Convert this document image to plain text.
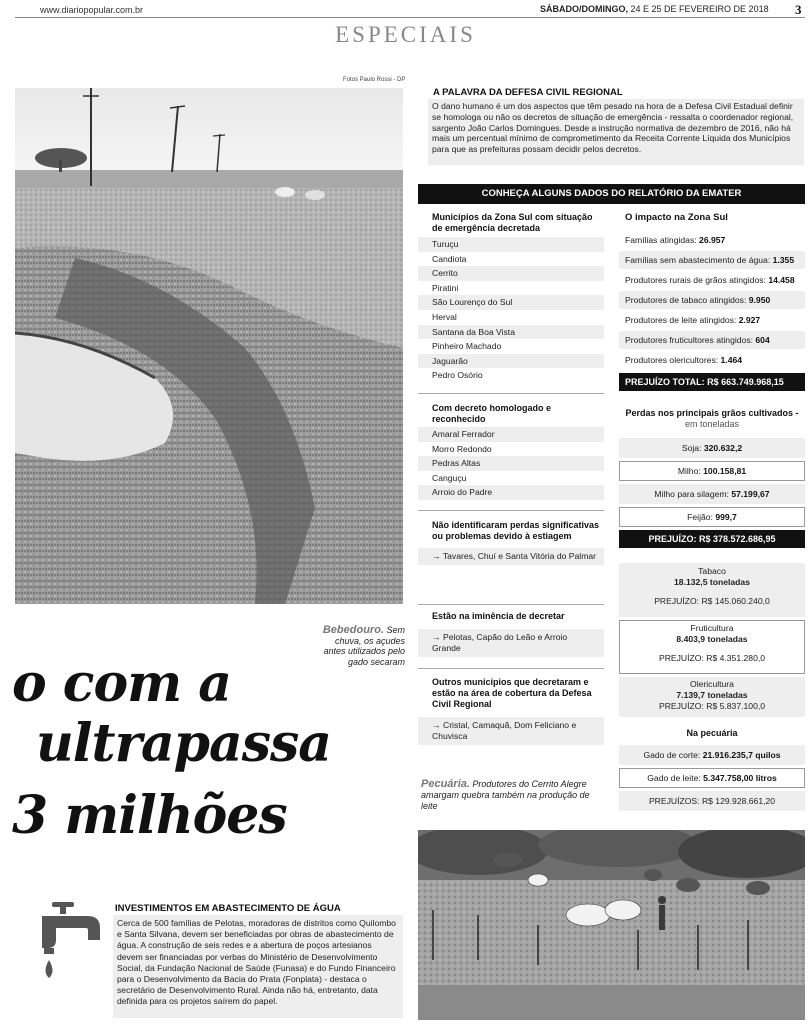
www.diariopopular.com.br	SÁBADO/DOMINGO, 24 E 25 DE FEVEREIRO DE 2018 3
ESPECIAIS
Fotos Paulo Rossi - DP
Bebedouro. Sem chuva, os açudes antes utilizados pelo gado secaram
o com a
ultrapassa
3 milhões
INVESTIMENTOS EM ABASTECIMENTO DE ÁGUA
Cerca de 500 famílias de Pelotas, moradoras de distritos como Quilombo e Santa Silvana, devem ser beneficiadas por obras de abastecimento de água. A construção de seis redes e a abertura de poços artesianos devem ser financiadas por verbas do Ministério de Desenvolvimento Social, da Fundação Nacional de Saúde (Funasa) e do Fundo Financeiro para o Desenvolvimento da Bacia do Prata (Fonplata) - destaca o secretário de Desenvolvimento Rural. Ainda não há, entretanto, data definida para os projetos saírem do papel.
A PALAVRA DA DEFESA CIVIL REGIONAL
O dano humano é um dos aspectos que têm pesado na hora de a Defesa Civil Estadual definir se homologa ou não os decretos de situação de emergência - ressalta o coordenador regional, sargento João Carlos Domingues. Desde a instrução normativa de dezembro de 2016, não há mais um percentual mínimo de comprometimento da Receita Corrente Líquida dos Municípios para que as prefeituras possam decidir pelos decretos.
CONHEÇA ALGUNS DADOS DO RELATÓRIO DA EMATER
Municípios da Zona Sul com situação de emergência decretada
Turuçu
Candiota
Cerrito
Piratini
São Lourenço do Sul
Herval
Santana da Boa Vista
Pinheiro Machado
Jaguarão
Pedro Osório
Com decreto homologado e reconhecido
Amaral Ferrador
Morro Redondo
Pedras Altas
Canguçu
Arroio do Padre
Não identificaram perdas significativas ou problemas devido à estiagem
→ Tavares, Chuí e Santa Vitória do Palmar
Estão na iminência de decretar
→ Pelotas, Capão do Leão e Arroio Grande
Outros municípios que decretaram e estão na área de cobertura da Defesa Civil Regional
→ Cristal, Camaquã, Dom Feliciano e Chuvisca
Pecuária. Produtores do Cerrito Alegre amargam quebra também na produção de leite
O impacto na Zona Sul
Famílias atingidas: 26.957
Famílias sem abastecimento de água: 1.355
Produtores rurais de grãos atingidos: 14.458
Produtores de tabaco atingidos: 9.950
Produtores de leite atingidos: 2.927
Produtores fruticultores atingidos: 604
Produtores olericultores: 1.464
PREJUÍZO TOTAL: R$ 663.749.968,15
Perdas nos principais grãos cultivados -
em toneladas
Soja: 320.632,2
Milho: 100.158,81
Milho para silagem: 57.199,67
Feijão: 999,7
PREJUÍZO: R$ 378.572.686,95
Tabaco
18.132,5 toneladas
PREJUÍZO: R$ 145.060.240,0
Fruticultura
8.403,9 toneladas
PREJUÍZO: R$ 4.351.280,0
Olericultura
7.139,7 toneladas
PREJUÍZO: R$ 5.837.100,0
Na pecuária
Gado de corte: 21.916.235,7 quilos
Gado de leite: 5.347.758,00 litros
PREJUÍZOS: R$ 129.928.661,20
